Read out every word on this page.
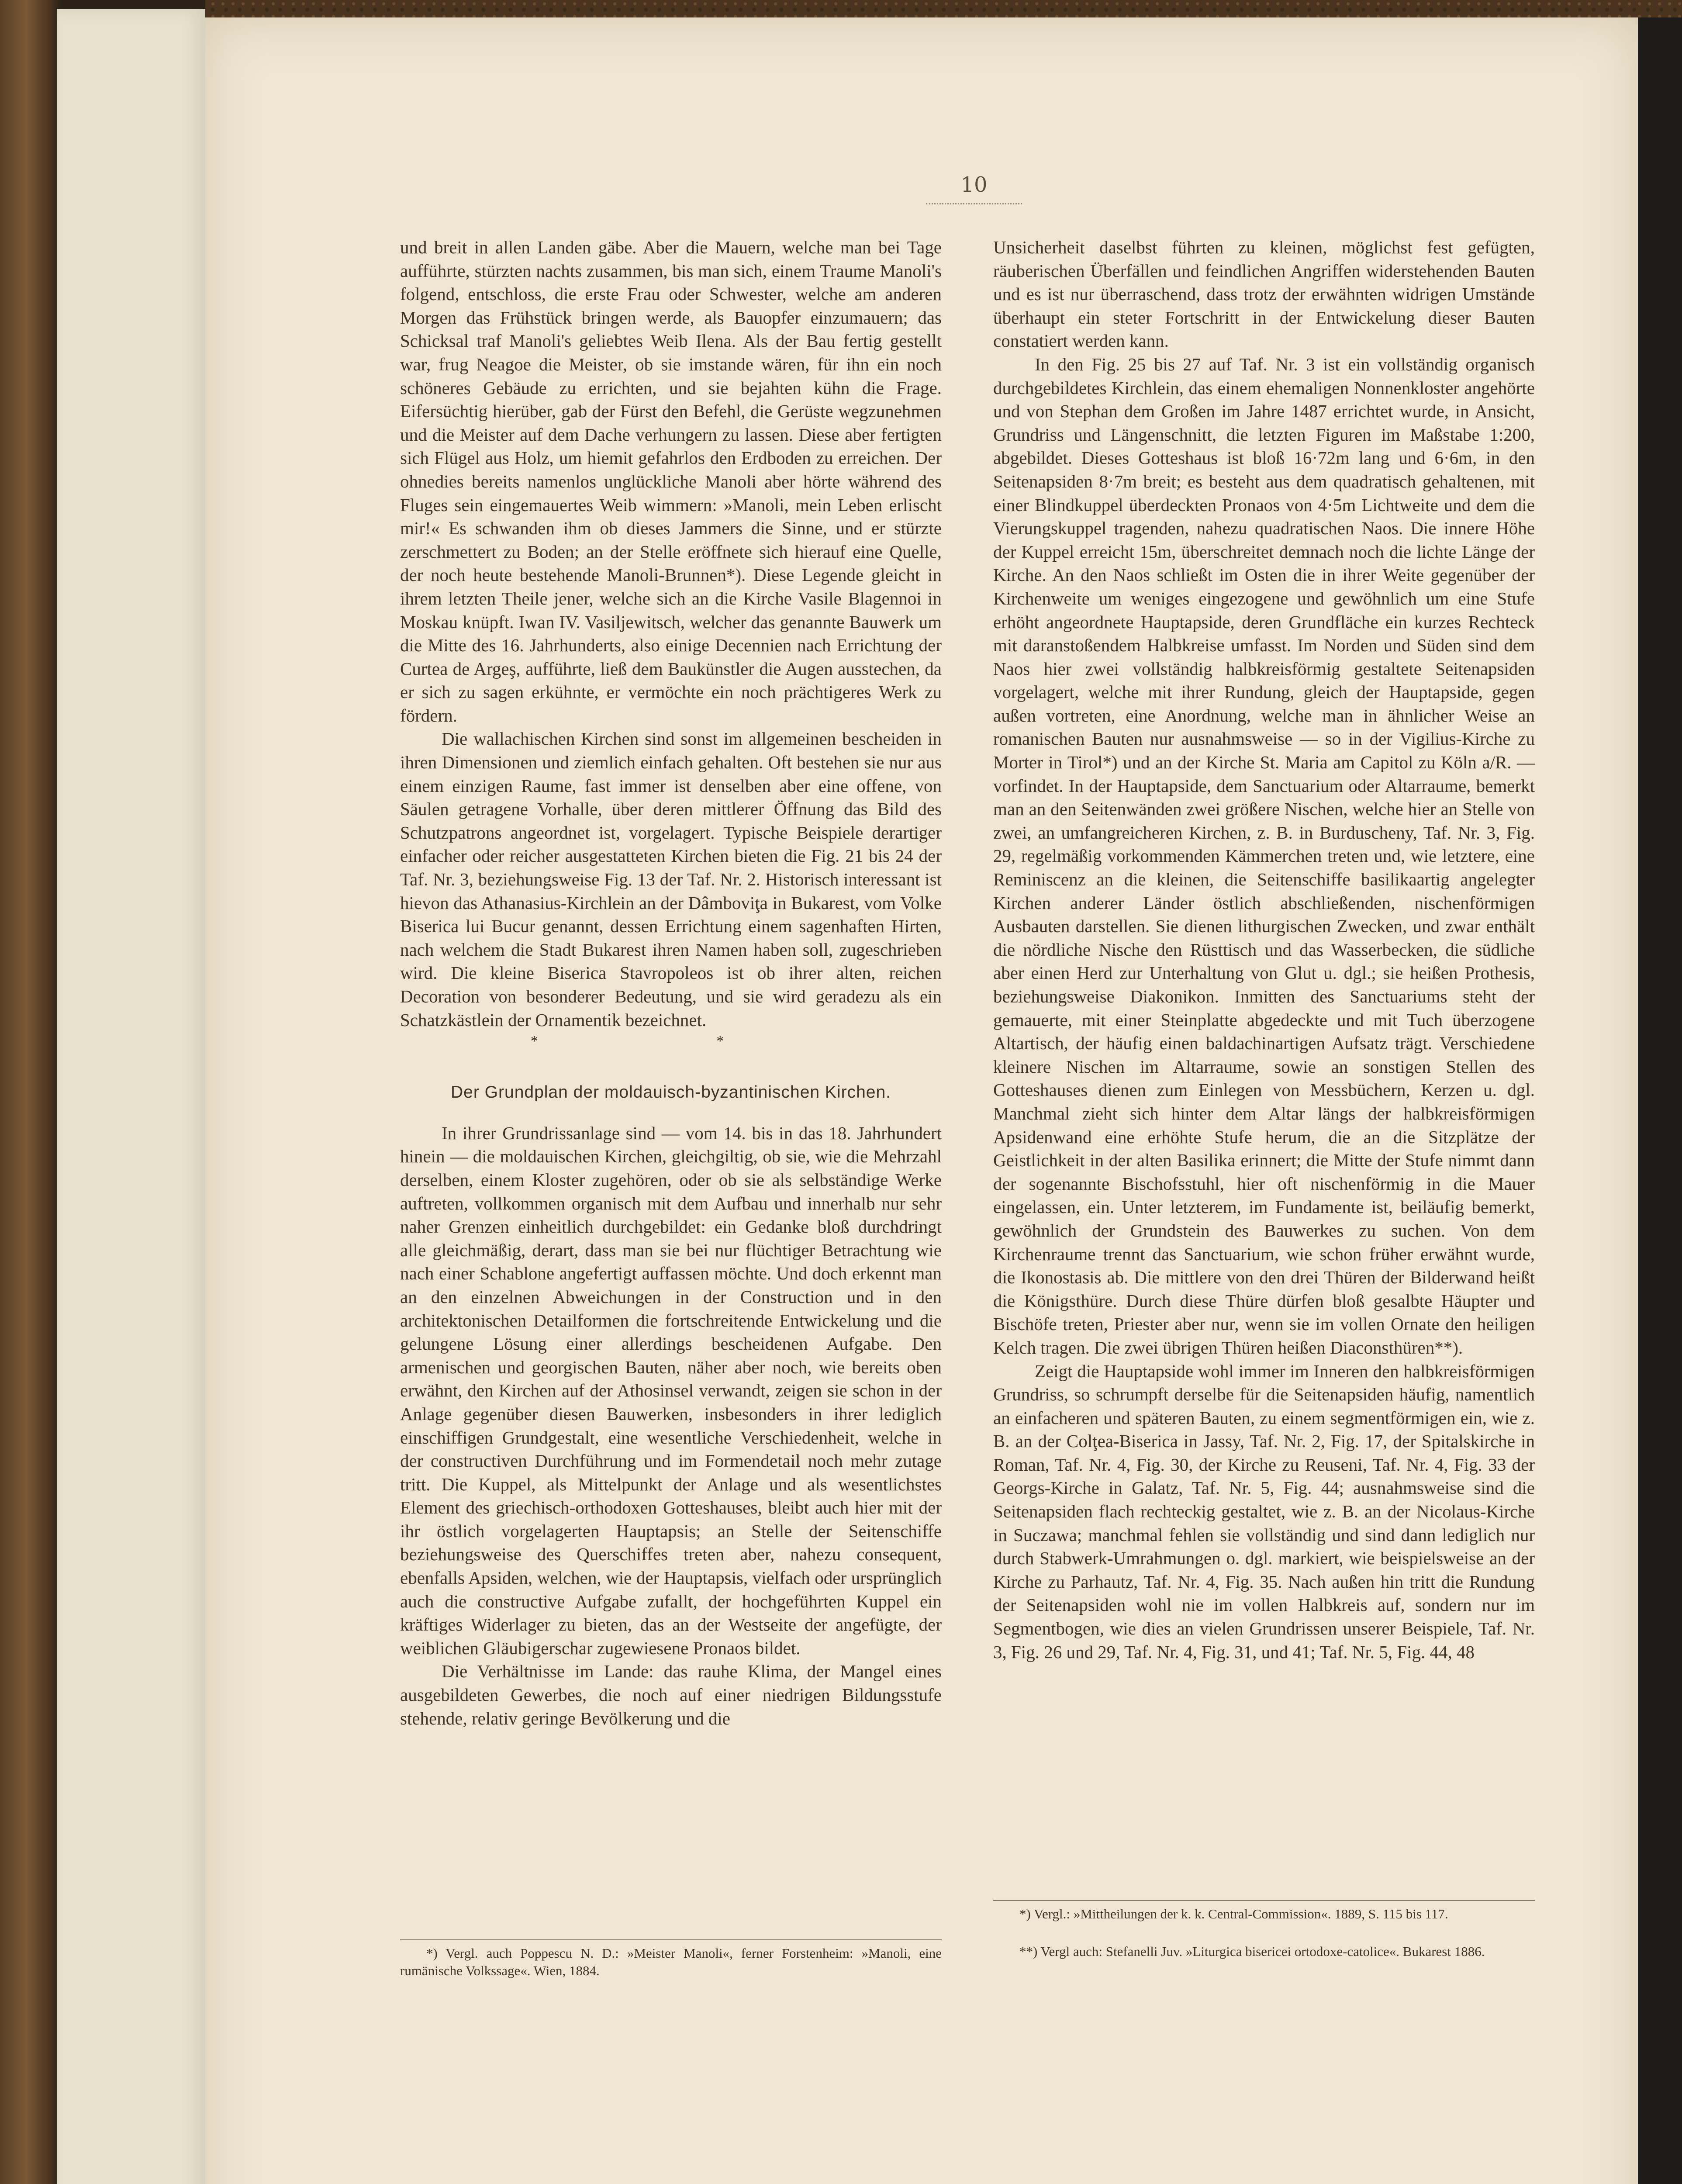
10

und breit in allen Landen gäbe. Aber die Mauern, welche man bei Tage aufführte, stürzten nachts zusammen, bis man sich, einem Traume Manoli's folgend, entschloss, die erste Frau oder Schwester, welche am anderen Morgen das Frühstück bringen werde, als Bauopfer einzumauern; das Schicksal traf Manoli's geliebtes Weib Ilena. Als der Bau fertig gestellt war, frug Neagoe die Meister, ob sie imstande wären, für ihn ein noch schöneres Gebäude zu errichten, und sie bejahten kühn die Frage. Eifersüchtig hierüber, gab der Fürst den Befehl, die Gerüste wegzunehmen und die Meister auf dem Dache verhungern zu lassen. Diese aber fertigten sich Flügel aus Holz, um hiemit gefahrlos den Erdboden zu erreichen. Der ohnedies bereits namenlos unglückliche Manoli aber hörte während des Fluges sein eingemauertes Weib wimmern: »Manoli, mein Leben erlischt mir!« Es schwanden ihm ob dieses Jammers die Sinne, und er stürzte zerschmettert zu Boden; an der Stelle eröffnete sich hierauf eine Quelle, der noch heute bestehende Manoli-Brunnen*). Diese Legende gleicht in ihrem letzten Theile jener, welche sich an die Kirche Vasile Blagennoi in Moskau knüpft. Iwan IV. Vasiljewitsch, welcher das genannte Bauwerk um die Mitte des 16. Jahrhunderts, also einige Decennien nach Errichtung der Curtea de Argeş, aufführte, ließ dem Baukünstler die Augen ausstechen, da er sich zu sagen erkühnte, er vermöchte ein noch prächtigeres Werk zu fördern.

Die wallachischen Kirchen sind sonst im allgemeinen bescheiden in ihren Dimensionen und ziemlich einfach gehalten. Oft bestehen sie nur aus einem einzigen Raume, fast immer ist denselben aber eine offene, von Säulen getragene Vorhalle, über deren mittlerer Öffnung das Bild des Schutzpatrons angeordnet ist, vorgelagert. Typische Beispiele derartiger einfacher oder reicher ausgestatteten Kirchen bieten die Fig. 21 bis 24 der Taf. Nr. 3, beziehungsweise Fig. 13 der Taf. Nr. 2. Historisch interessant ist hievon das Athanasius-Kirchlein an der Dâmboviţa in Bukarest, vom Volke Biserica lui Bucur genannt, dessen Errichtung einem sagenhaften Hirten, nach welchem die Stadt Bukarest ihren Namen haben soll, zugeschrieben wird. Die kleine Biserica Stavropoleos ist ob ihrer alten, reichen Decoration von besonderer Bedeutung, und sie wird geradezu als ein Schatzkästlein der Ornamentik bezeichnet.

* *

Der Grundplan der moldauisch-byzantinischen Kirchen.

In ihrer Grundrissanlage sind — vom 14. bis in das 18. Jahrhundert hinein — die moldauischen Kirchen, gleichgiltig, ob sie, wie die Mehrzahl derselben, einem Kloster zugehören, oder ob sie als selbständige Werke auftreten, vollkommen organisch mit dem Aufbau und innerhalb nur sehr naher Grenzen einheitlich durchgebildet: ein Gedanke bloß durchdringt alle gleichmäßig, derart, dass man sie bei nur flüchtiger Betrachtung wie nach einer Schablone angefertigt auffassen möchte. Und doch erkennt man an den einzelnen Abweichungen in der Construction und in den architektonischen Detailformen die fortschreitende Entwickelung und die gelungene Lösung einer allerdings bescheidenen Aufgabe. Den armenischen und georgischen Bauten, näher aber noch, wie bereits oben erwähnt, den Kirchen auf der Athosinsel verwandt, zeigen sie schon in der Anlage gegenüber diesen Bauwerken, insbesonders in ihrer lediglich einschiffigen Grundgestalt, eine wesentliche Verschiedenheit, welche in der constructiven Durchführung und im Formendetail noch mehr zutage tritt. Die Kuppel, als Mittelpunkt der Anlage und als wesentlichstes Element des griechisch-orthodoxen Gotteshauses, bleibt auch hier mit der ihr östlich vorgelagerten Hauptapsis; an Stelle der Seitenschiffe beziehungsweise des Querschiffes treten aber, nahezu consequent, ebenfalls Apsiden, welchen, wie der Hauptapsis, vielfach oder ursprünglich auch die constructive Aufgabe zufallt, der hochgeführten Kuppel ein kräftiges Widerlager zu bieten, das an der Westseite der angefügte, der weiblichen Gläubigerschar zugewiesene Pronaos bildet.

Die Verhältnisse im Lande: das rauhe Klima, der Mangel eines ausgebildeten Gewerbes, die noch auf einer niedrigen Bildungsstufe stehende, relativ geringe Bevölkerung und die

*) Vergl. auch Poppescu N. D.: »Meister Manoli«, ferner Forstenheim: »Manoli, eine rumänische Volkssage«. Wien, 1884.

Unsicherheit daselbst führten zu kleinen, möglichst fest gefügten, räuberischen Überfällen und feindlichen Angriffen widerstehenden Bauten und es ist nur überraschend, dass trotz der erwähnten widrigen Umstände überhaupt ein steter Fortschritt in der Entwickelung dieser Bauten constatiert werden kann.

In den Fig. 25 bis 27 auf Taf. Nr. 3 ist ein vollständig organisch durchgebildetes Kirchlein, das einem ehemaligen Nonnenkloster angehörte und von Stephan dem Großen im Jahre 1487 errichtet wurde, in Ansicht, Grundriss und Längenschnitt, die letzten Figuren im Maßstabe 1:200, abgebildet. Dieses Gotteshaus ist bloß 16·72m lang und 6·6m, in den Seitenapsiden 8·7m breit; es besteht aus dem quadratisch gehaltenen, mit einer Blindkuppel überdeckten Pronaos von 4·5m Lichtweite und dem die Vierungskuppel tragenden, nahezu quadratischen Naos. Die innere Höhe der Kuppel erreicht 15m, überschreitet demnach noch die lichte Länge der Kirche. An den Naos schließt im Osten die in ihrer Weite gegenüber der Kirchenweite um weniges eingezogene und gewöhnlich um eine Stufe erhöht angeordnete Hauptapside, deren Grundfläche ein kurzes Rechteck mit daranstoßendem Halbkreise umfasst. Im Norden und Süden sind dem Naos hier zwei vollständig halbkreisförmig gestaltete Seitenapsiden vorgelagert, welche mit ihrer Rundung, gleich der Hauptapside, gegen außen vortreten, eine Anordnung, welche man in ähnlicher Weise an romanischen Bauten nur ausnahmsweise — so in der Vigilius-Kirche zu Morter in Tirol*) und an der Kirche St. Maria am Capitol zu Köln a/R. — vorfindet. In der Hauptapside, dem Sanctuarium oder Altarraume, bemerkt man an den Seitenwänden zwei größere Nischen, welche hier an Stelle von zwei, an umfangreicheren Kirchen, z. B. in Burduscheny, Taf. Nr. 3, Fig. 29, regelmäßig vorkommenden Kämmerchen treten und, wie letztere, eine Reminiscenz an die kleinen, die Seitenschiffe basilikaartig angelegter Kirchen anderer Länder östlich abschließenden, nischenförmigen Ausbauten darstellen. Sie dienen lithurgischen Zwecken, und zwar enthält die nördliche Nische den Rüsttisch und das Wasserbecken, die südliche aber einen Herd zur Unterhaltung von Glut u. dgl.; sie heißen Prothesis, beziehungsweise Diakonikon. Inmitten des Sanctuariums steht der gemauerte, mit einer Steinplatte abgedeckte und mit Tuch überzogene Altartisch, der häufig einen baldachinartigen Aufsatz trägt. Verschiedene kleinere Nischen im Altarraume, sowie an sonstigen Stellen des Gotteshauses dienen zum Einlegen von Messbüchern, Kerzen u. dgl. Manchmal zieht sich hinter dem Altar längs der halbkreisförmigen Apsidenwand eine erhöhte Stufe herum, die an die Sitzplätze der Geistlichkeit in der alten Basilika erinnert; die Mitte der Stufe nimmt dann der sogenannte Bischofsstuhl, hier oft nischenförmig in die Mauer eingelassen, ein. Unter letzterem, im Fundamente ist, beiläufig bemerkt, gewöhnlich der Grundstein des Bauwerkes zu suchen. Von dem Kirchenraume trennt das Sanctuarium, wie schon früher erwähnt wurde, die Ikonostasis ab. Die mittlere von den drei Thüren der Bilderwand heißt die Königsthüre. Durch diese Thüre dürfen bloß gesalbte Häupter und Bischöfe treten, Priester aber nur, wenn sie im vollen Ornate den heiligen Kelch tragen. Die zwei übrigen Thüren heißen Diaconsthüren**).

Zeigt die Hauptapside wohl immer im Inneren den halbkreisförmigen Grundriss, so schrumpft derselbe für die Seitenapsiden häufig, namentlich an einfacheren und späteren Bauten, zu einem segmentförmigen ein, wie z. B. an der Colţea-Biserica in Jassy, Taf. Nr. 2, Fig. 17, der Spitalskirche in Roman, Taf. Nr. 4, Fig. 30, der Kirche zu Reuseni, Taf. Nr. 4, Fig. 33 der Georgs-Kirche in Galatz, Taf. Nr. 5, Fig. 44; ausnahmsweise sind die Seitenapsiden flach rechteckig gestaltet, wie z. B. an der Nicolaus-Kirche in Suczawa; manchmal fehlen sie vollständig und sind dann lediglich nur durch Stabwerk-Umrahmungen o. dgl. markiert, wie beispielsweise an der Kirche zu Parhautz, Taf. Nr. 4, Fig. 35. Nach außen hin tritt die Rundung der Seitenapsiden wohl nie im vollen Halbkreis auf, sondern nur im Segmentbogen, wie dies an vielen Grundrissen unserer Beispiele, Taf. Nr. 3, Fig. 26 und 29, Taf. Nr. 4, Fig. 31, und 41; Taf. Nr. 5, Fig. 44, 48

*) Vergl.: »Mittheilungen der k. k. Central-Commission«. 1889, S. 115 bis 117.
**) Vergl auch: Stefanelli Juv. »Liturgica bisericei ortodoxe-catolice«. Bukarest 1886.
